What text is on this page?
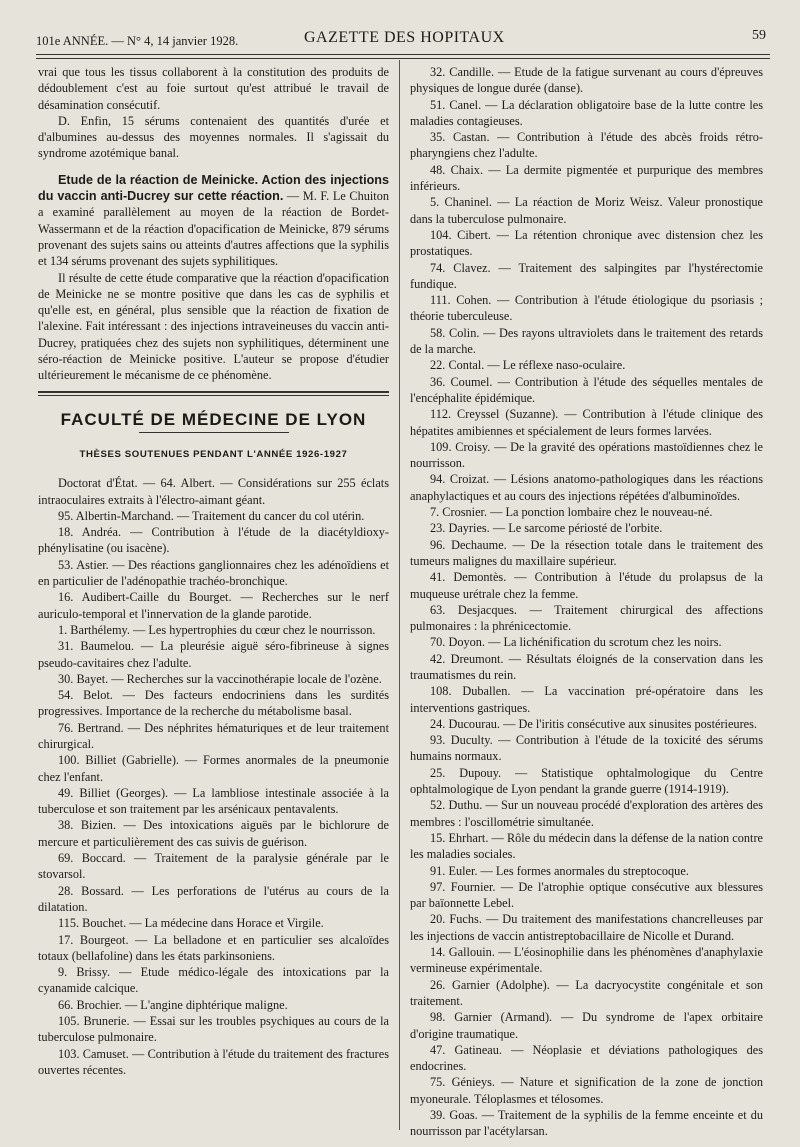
101e ANNÉE. — N° 4, 14 janvier 1928.	GAZETTE DES HOPITAUX	59

vrai que tous les tissus collaborent à la constitution des produits de dédoublement c'est au foie surtout qu'est attribué le travail de désamination consécutif.

D. Enfin, 15 sérums contenaient des quantités d'urée et d'albumines au-dessus des moyennes normales. Il s'agissait du syndrome azotémique banal.

Etude de la réaction de Meinicke. Action des injections du vaccin anti-Ducrey sur cette réaction. — M. F. Le Chuiton a examiné parallèlement au moyen de la réaction de Bordet-Wassermann et de la réaction d'opacification de Meinicke, 879 sérums provenant des sujets sains ou atteints d'autres affections que la syphilis et 134 sérums provenant des sujets syphilitiques.

Il résulte de cette étude comparative que la réaction d'opacification de Meinicke ne se montre positive que dans les cas de syphilis et qu'elle est, en général, plus sensible que la réaction de fixation de l'alexine. Fait intéressant : des injections intraveineuses du vaccin anti-Ducrey, pratiquées chez des sujets non syphilitiques, déterminent une séro-réaction de Meinicke positive. L'auteur se propose d'étudier ultérieurement le mécanisme de ce phénomène.

FACULTÉ DE MÉDECINE DE LYON
THÈSES SOUTENUES PENDANT L'ANNÉE 1926-1927

Doctorat d'État. — 64. Albert. — Considérations sur 255 éclats intraoculaires extraits à l'électro-aimant géant.

95. Albertin-Marchand. — Traitement du cancer du col utérin.

18. Andréa. — Contribution à l'étude de la diacétyldioxy-phénylisatine (ou isacène).

53. Astier. — Des réactions ganglionnaires chez les adénoïdiens et en particulier de l'adénopathie trachéo-bronchique.

16. Audibert-Caille du Bourget. — Recherches sur le nerf auriculo-temporal et l'innervation de la glande parotide.

1. Barthélemy. — Les hypertrophies du cœur chez le nourrisson.

31. Baumelou. — La pleurésie aiguë séro-fibrineuse à signes pseudo-cavitaires chez l'adulte.

30. Bayet. — Recherches sur la vaccinothérapie locale de l'ozène.

54. Belot. — Des facteurs endocriniens dans les surdités progressives. Importance de la recherche du métabolisme basal.

76. Bertrand. — Des néphrites hématuriques et de leur traitement chirurgical.

100. Billiet (Gabrielle). — Formes anormales de la pneumonie chez l'enfant.

49. Billiet (Georges). — La lambliose intestinale associée à la tuberculose et son traitement par les arsénicaux pentavalents.

38. Bizien. — Des intoxications aiguës par le bichlorure de mercure et particulièrement des cas suivis de guérison.

69. Boccard. — Traitement de la paralysie générale par le stovarsol.

28. Bossard. — Les perforations de l'utérus au cours de la dilatation.

115. Bouchet. — La médecine dans Horace et Virgile.

17. Bourgeot. — La belladone et en particulier ses alcaloïdes totaux (bellafoline) dans les états parkinsoniens.

9. Brissy. — Etude médico-légale des intoxications par la cyanamide calcique.

66. Brochier. — L'angine diphtérique maligne.

105. Brunerie. — Essai sur les troubles psychiques au cours de la tuberculose pulmonaire.

103. Camuset. — Contribution à l'étude du traitement des fractures ouvertes récentes.

32. Candille. — Etude de la fatigue survenant au cours d'épreuves physiques de longue durée (danse).

51. Canel. — La déclaration obligatoire base de la lutte contre les maladies contagieuses.

35. Castan. — Contribution à l'étude des abcès froids rétro-pharyngiens chez l'adulte.

48. Chaix. — La dermite pigmentée et purpurique des membres inférieurs.

5. Chaninel. — La réaction de Moriz Weisz. Valeur pronostique dans la tuberculose pulmonaire.

104. Cibert. — La rétention chronique avec distension chez les prostatiques.

74. Clavez. — Traitement des salpingites par l'hystérectomie fundique.

111. Cohen. — Contribution à l'étude étiologique du psoriasis ; théorie tuberculeuse.

58. Colin. — Des rayons ultraviolets dans le traitement des retards de la marche.

22. Contal. — Le réflexe naso-oculaire.

36. Coumel. — Contribution à l'étude des séquelles mentales de l'encéphalite épidémique.

112. Creyssel (Suzanne). — Contribution à l'étude clinique des hépatites amibiennes et spécialement de leurs formes larvées.

109. Croisy. — De la gravité des opérations mastoïdiennes chez le nourrisson.

94. Croizat. — Lésions anatomo-pathologiques dans les réactions anaphylactiques et au cours des injections répétées d'albuminoïdes.

7. Crosnier. — La ponction lombaire chez le nouveau-né.

23. Dayries. — Le sarcome périosté de l'orbite.

96. Dechaume. — De la résection totale dans le traitement des tumeurs malignes du maxillaire supérieur.

41. Demontès. — Contribution à l'étude du prolapsus de la muqueuse urétrale chez la femme.

63. Desjacques. — Traitement chirurgical des affections pulmonaires : la phrénicectomie.

70. Doyon. — La lichénification du scrotum chez les noirs.

42. Dreumont. — Résultats éloignés de la conservation dans les traumatismes du rein.

108. Duballen. — La vaccination pré-opératoire dans les interventions gastriques.

24. Ducourau. — De l'iritis consécutive aux sinusites postérieures.

93. Duculty. — Contribution à l'étude de la toxicité des sérums humains normaux.

25. Dupouy. — Statistique ophtalmologique du Centre ophtalmologique de Lyon pendant la grande guerre (1914-1919).

52. Duthu. — Sur un nouveau procédé d'exploration des artères des membres : l'oscillométrie simultanée.

15. Ehrhart. — Rôle du médecin dans la défense de la nation contre les maladies sociales.

91. Euler. — Les formes anormales du streptocoque.

97. Fournier. — De l'atrophie optique consécutive aux blessures par baïonnette Lebel.

20. Fuchs. — Du traitement des manifestations chancrelleuses par les injections de vaccin antistreptobacillaire de Nicolle et Durand.

14. Gallouin. — L'éosinophilie dans les phénomènes d'anaphylaxie vermineuse expérimentale.

26. Garnier (Adolphe). — La dacryocystite congénitale et son traitement.

98. Garnier (Armand). — Du syndrome de l'apex orbitaire d'origine traumatique.

47. Gatineau. — Néoplasie et déviations pathologiques des endocrines.

75. Génieys. — Nature et signification de la zone de jonction myoneurale. Téloplasmes et télosomes.

39. Goas. — Traitement de la syphilis de la femme enceinte et du nourrisson par l'acétylarsan.
